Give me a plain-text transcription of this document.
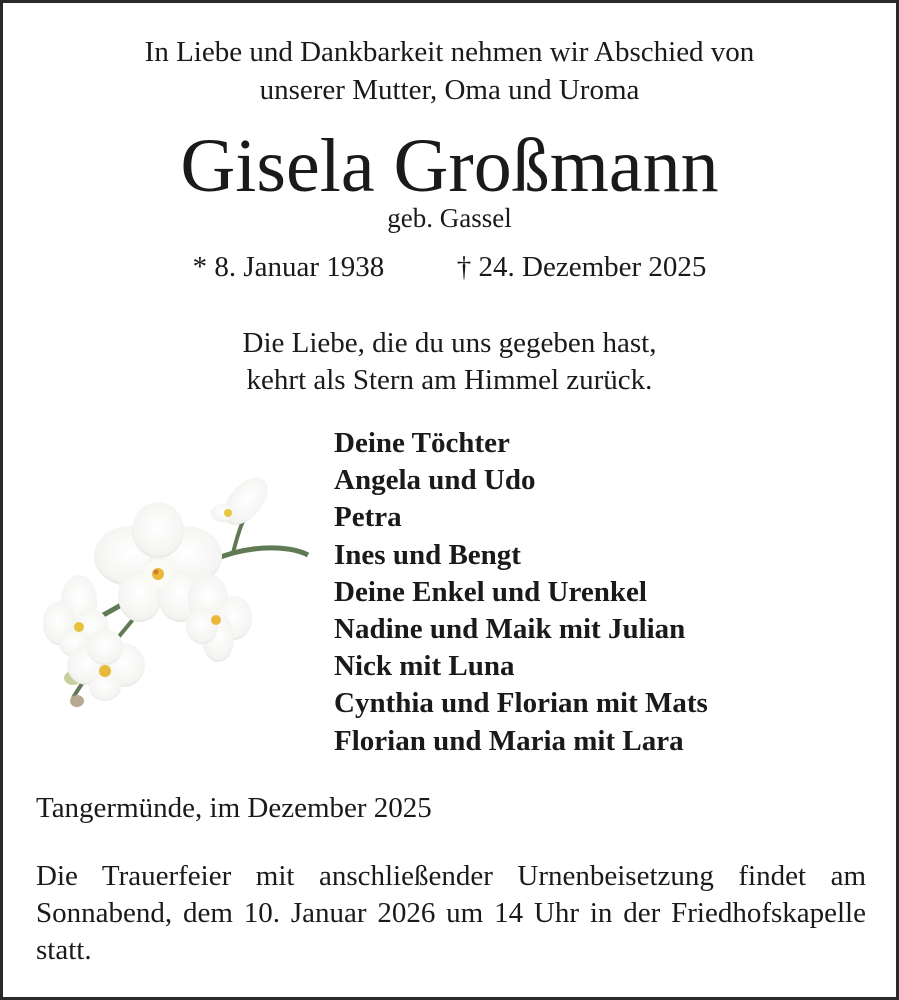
In Liebe und Dankbarkeit nehmen wir Abschied von
unserer Mutter, Oma und Uroma
Gisela Großmann
geb. Gassel
* 8. Januar 1938	† 24. Dezember 2025
Die Liebe, die du uns gegeben hast,
kehrt als Stern am Himmel zurück.
Deine Töchter
Angela und Udo
Petra
Ines und Bengt
Deine Enkel und Urenkel
Nadine und Maik mit Julian
Nick mit Luna
Cynthia und Florian mit Mats
Florian und Maria mit Lara
Tangermünde, im Dezember 2025
Die Trauerfeier mit anschließender Urnenbeisetzung findet am Sonnabend, dem 10. Januar 2026 um 14 Uhr in der Friedhofskapelle statt.
